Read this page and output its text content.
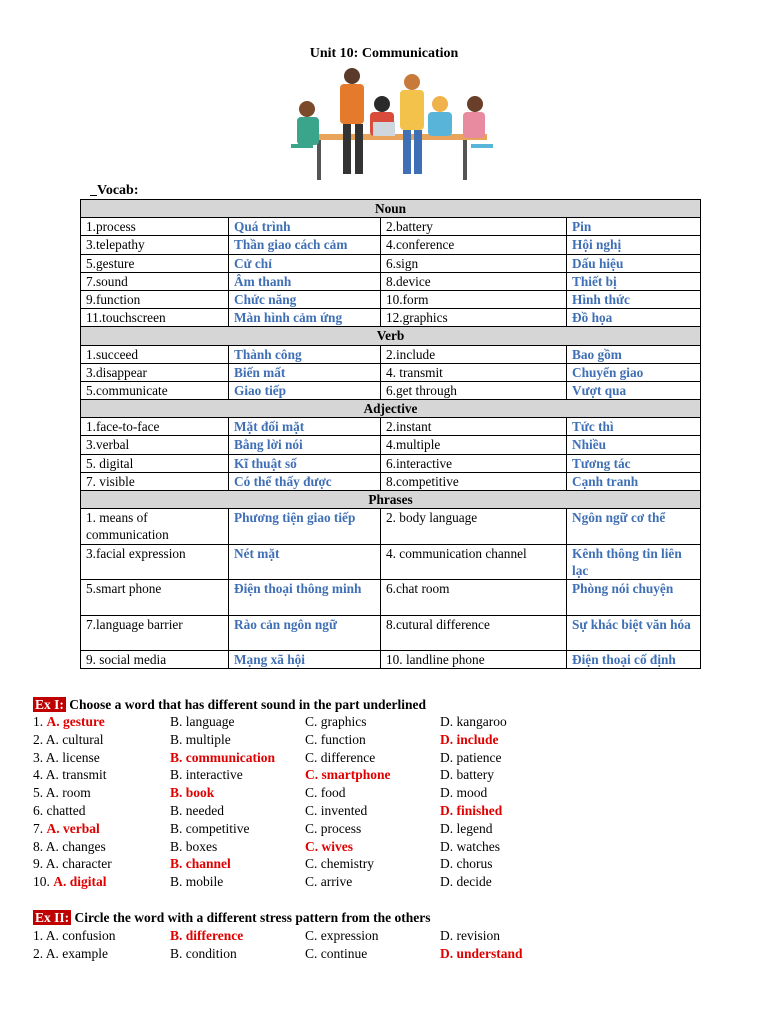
Unit 10: Communication
Vocab:
Noun			
1.process	Quá trình	2.battery	Pin
3.telepathy	Thần giao cách cảm	4.conference	Hội nghị
5.gesture	Cử chỉ	6.sign	Dấu hiệu
7.sound	Âm thanh	8.device	Thiết bị
9.function	Chức năng	10.form	Hình thức
11.touchscreen	Màn hình cảm ứng	12.graphics	Đồ họa
Verb			
1.succeed	Thành công	2.include	Bao gồm
3.disappear	Biến mất	4. transmit	Chuyển giao
5.communicate	Giao tiếp	6.get through	Vượt qua
Adjective			
1.face-to-face	Mặt đối mặt	2.instant	Tức thì
3.verbal	Bằng lời nói	4.multiple	Nhiều
5. digital	Kĩ thuật số	6.interactive	Tương tác
7. visible	Có thể thấy được	8.competitive	Cạnh tranh
Phrases			
1. means of communication	Phương tiện giao tiếp	2. body language	Ngôn ngữ cơ thể
3.facial expression	Nét mặt	4. communication channel	Kênh thông tin liên lạc
5.smart phone	Điện thoại thông minh	6.chat room	Phòng nói chuyện
7.language barrier	Rào cản ngôn ngữ	8.cutural difference	Sự khác biệt văn hóa
9. social media	Mạng xã hội	10. landline phone	Điện thoại cố định
Ex I: Choose a word that has different sound in the part underlined
1. A. gesture	B. language	C. graphics	D. kangaroo
2. A. cultural	B. multiple	C. function	D. include
3. A. license	B. communication C. difference	D. patience
4. A. transmit	B. interactive	C. smartphone	D. battery
5. A. room	B. book	C. food	D. mood
6. chatted	B. needed	C. invented	D. finished
7. A. verbal	B. competitive	C. process	D. legend
8. A. changes	B. boxes	C. wives	D. watches
9. A. character	B. channel	C. chemistry	D. chorus
10. A. digital	B. mobile	C. arrive	D. decide
Ex II: Circle the word with a different stress pattern from the others
1. A. confusion	B. difference	C. expression	D. revision
2. A. example	B. condition	C. continue	D. understand
